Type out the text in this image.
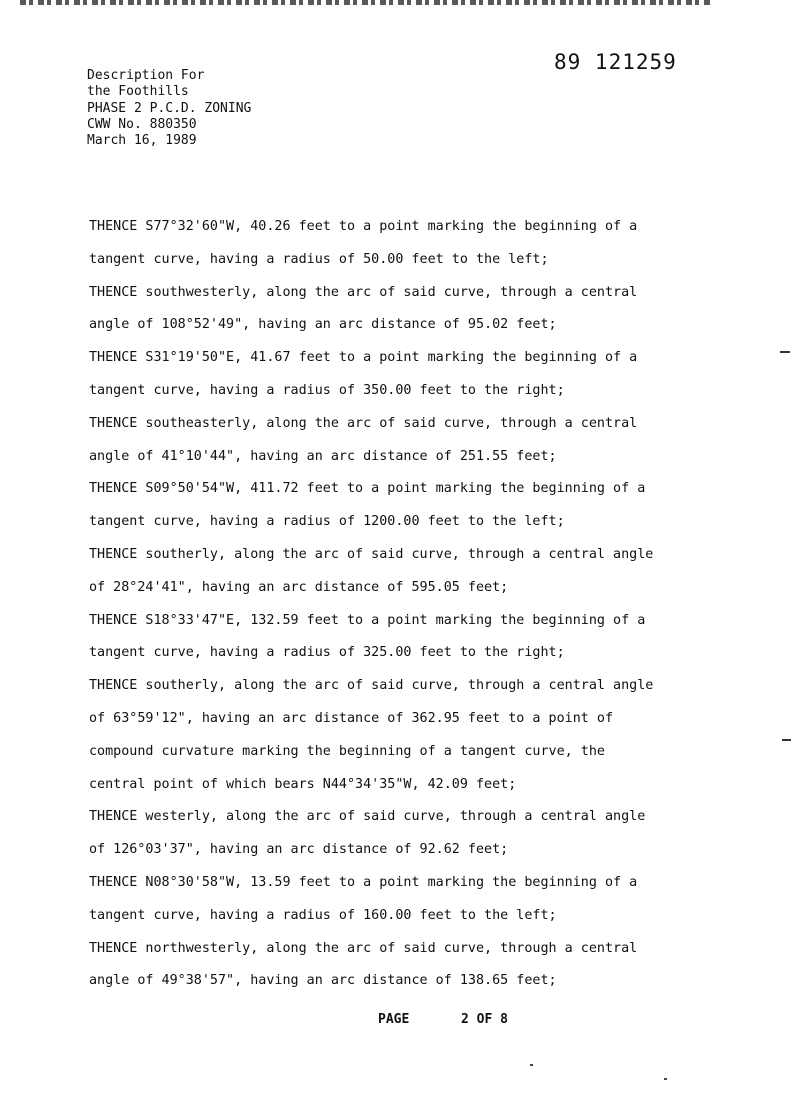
89 121259
Description For
the Foothills
PHASE 2 P.C.D. ZONING
CWW No. 880350
March 16, 1989
THENCE S77°32'60"W, 40.26 feet to a point marking the beginning of a
tangent curve, having a radius of 50.00 feet to the left;
THENCE southwesterly, along the arc of said curve, through a central
angle of 108°52'49", having an arc distance of 95.02 feet;
THENCE S31°19'50"E, 41.67 feet to a point marking the beginning of a
tangent curve, having a radius of 350.00 feet to the right;
THENCE southeasterly, along the arc of said curve, through a central
angle of 41°10'44", having an arc distance of 251.55 feet;
THENCE S09°50'54"W, 411.72 feet to a point marking the beginning of a
tangent curve, having a radius of 1200.00 feet to the left;
THENCE southerly, along the arc of said curve, through a central angle
of 28°24'41", having an arc distance of 595.05 feet;
THENCE S18°33'47"E, 132.59 feet to a point marking the beginning of a
tangent curve, having a radius of 325.00 feet to the right;
THENCE southerly, along the arc of said curve, through a central angle
of 63°59'12", having an arc distance of 362.95 feet to a point of
compound curvature marking the beginning of a tangent curve, the
central point of which bears N44°34'35"W, 42.09 feet;
THENCE westerly, along the arc of said curve, through a central angle
of 126°03'37", having an arc distance of 92.62 feet;
THENCE N08°30'58"W, 13.59 feet to a point marking the beginning of a
tangent curve, having a radius of 160.00 feet to the left;
THENCE northwesterly, along the arc of said curve, through a central
angle of 49°38'57", having an arc distance of 138.65 feet;
PAGE	2 OF 8
